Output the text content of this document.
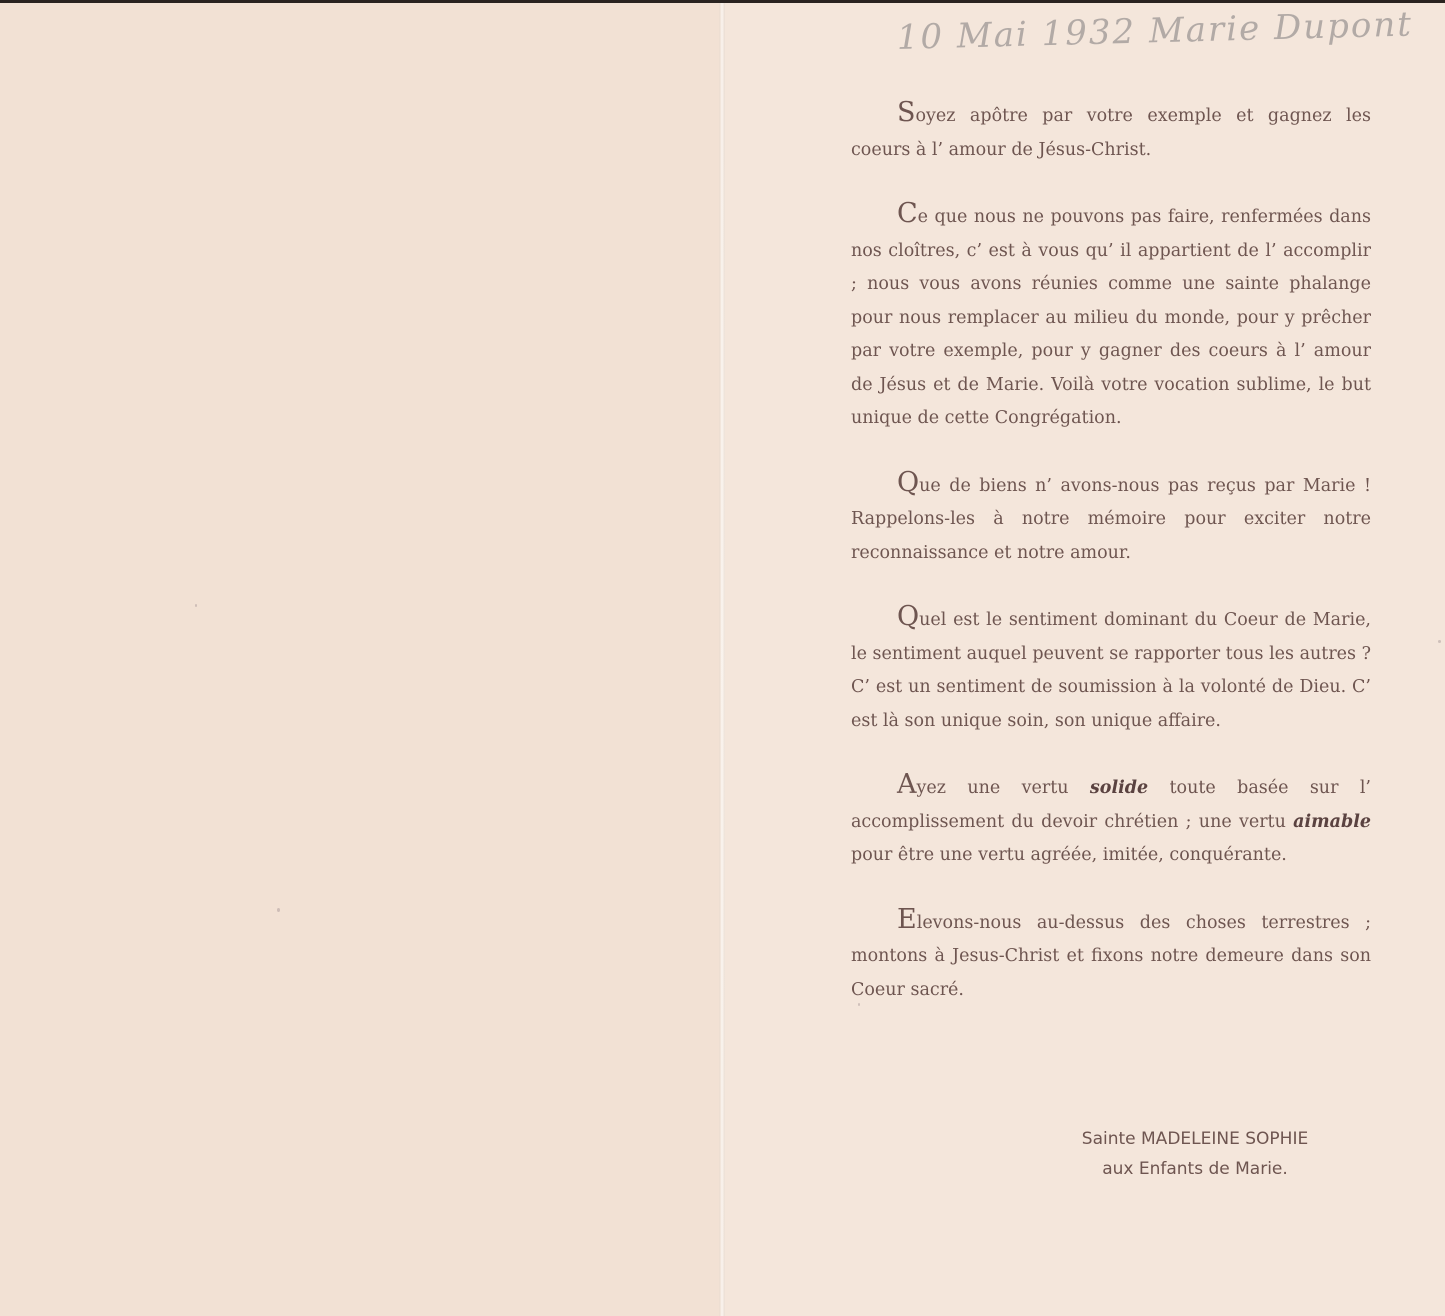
10 Mai 1932 Marie Dupont

Soyez apôtre par votre exemple et gagnez les coeurs à l’ amour de Jésus-Christ.

Ce que nous ne pouvons pas faire, renfermées dans nos cloîtres, c’ est à vous qu’ il appartient de l’ accomplir ; nous vous avons réunies comme une sainte phalange pour nous remplacer au milieu du monde, pour y prêcher par votre exemple, pour y gagner des coeurs à l’ amour de Jésus et de Marie. Voilà votre vocation sublime, le but unique de cette Congrégation.

Que de biens n’ avons-nous pas reçus par Marie ! Rappelons-les à notre mémoire pour exciter notre reconnaissance et notre amour.

Quel est le sentiment dominant du Coeur de Marie, le sentiment auquel peuvent se rapporter tous les autres ? C’ est un sentiment de soumission à la volonté de Dieu. C’ est là son unique soin, son unique affaire.

Ayez une vertu solide toute basée sur l’ accomplissement du devoir chrétien ; une vertu aimable pour être une vertu agréée, imitée, conquérante.

Elevons-nous au-dessus des choses terrestres ; montons à Jesus-Christ et fixons notre demeure dans son Coeur sacré.

Sainte MADELEINE SOPHIE
aux Enfants de Marie.
